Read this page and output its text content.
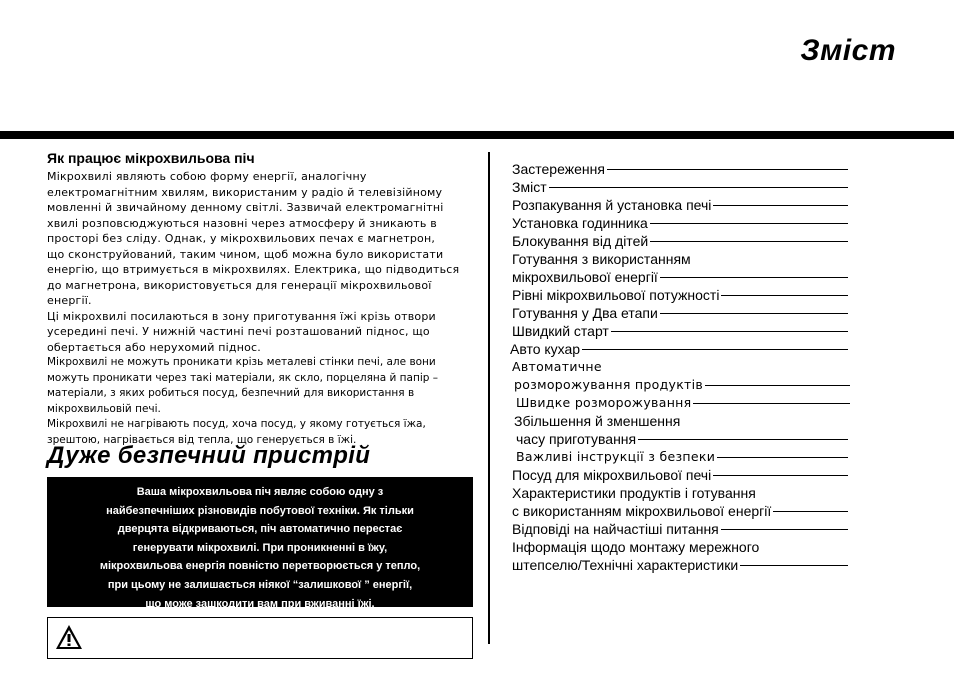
Зміст
Як працює мікрохвильова піч
Мікрохвилі являють собою форму енергії, аналогічну
електромагнітним хвилям, використаним у радіо й телевізійному
мовленні й звичайному денному світлі. Зазвичай електромагнітні
хвилі розповсюджуються назовні через атмосферу й зникають в
просторі без сліду. Однак, у мікрохвильових печах є магнетрон,
що сконструйований, таким чином, щоб можна було використати
енергію, що втримується в мікрохвилях. Електрика, що підводиться
до магнетрона, використовується для генерації мікрохвильової
енергії.
Ці мікрохвилі посилаються в зону приготування їжі крізь отвори
усередині печі. У нижній частині печі розташований піднос, що
обертається або нерухомий піднос.
Мікрохвилі не можуть проникати крізь металеві стінки печі, але вони
можуть проникати через такі матеріали, як скло, порцеляна й папір –
матеріали, з яких робиться посуд, безпечний для використання в
мікрохвильовій печі.
Мікрохвилі не нагрівають посуд, хоча посуд, у якому готується їжа,
зрештою, нагрівається від тепла, що генерується в їжі.
Дуже безпечний пристрій
Ваша мікрохвильова піч являє собою одну з
найбезпечніших різновидів побутової техніки. Як тільки
дверцята відкриваються, піч автоматично перестає
генерувати мікрохвилі. При проникненні в їжу,
мікрохвильова енергія повністю перетворюється у тепло,
при цьому не залишається ніякої “залишкової ” енергії,
що може зашкодити вам при вживанні їжі.
Застереження
Зміст
Розпакування й установка печі
Установка годинника
Блокування від дітей
Готування з використанням
мікрохвильової енергії
Рівні мікрохвильової потужності
Готування у Два етапи
Швидкий старт
Авто кухар
Автоматичне
розморожування продуктів
Швидке розморожування
Збільшення й зменшення
часу приготування
Важливі інструкції з безпеки
Посуд для мікрохвильової печі
Характеристики продуктів і готування
с використанням мікрохвильової енергії
Відповіді на найчастіші питання
Інформація щодо монтажу мережного
штепселю/Технічні характеристики
